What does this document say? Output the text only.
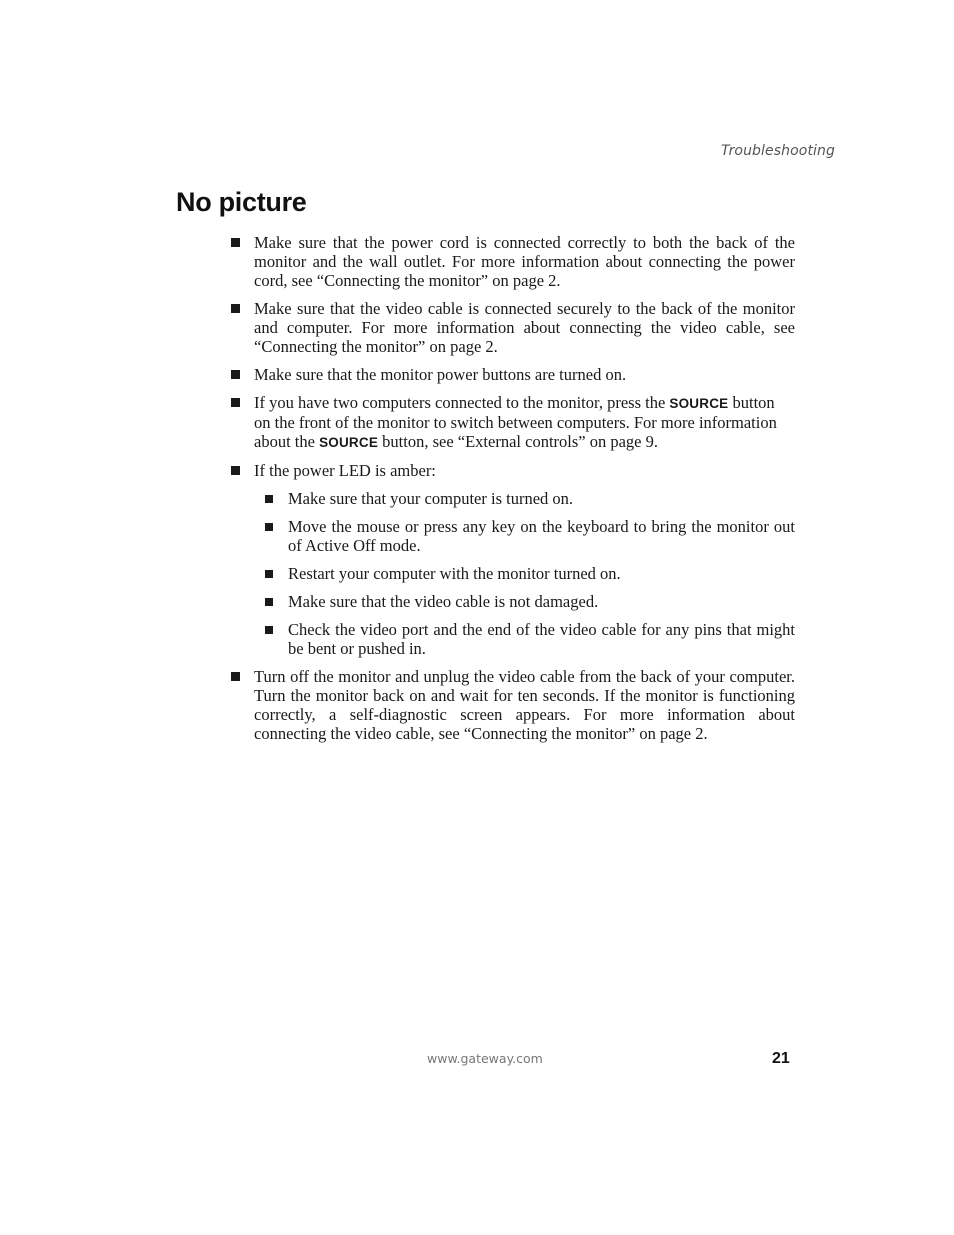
Troubleshooting
No picture
Make sure that the power cord is connected correctly to both the back of the monitor and the wall outlet. For more information about connecting the power cord, see “Connecting the monitor” on page 2.
Make sure that the video cable is connected securely to the back of the monitor and computer. For more information about connecting the video cable, see “Connecting the monitor” on page 2.
Make sure that the monitor power buttons are turned on.
If you have two computers connected to the monitor, press the SOURCE button on the front of the monitor to switch between computers. For more information about the SOURCE button, see “External controls” on page 9.
If the power LED is amber:
Make sure that your computer is turned on.
Move the mouse or press any key on the keyboard to bring the monitor out of Active Off mode.
Restart your computer with the monitor turned on.
Make sure that the video cable is not damaged.
Check the video port and the end of the video cable for any pins that might be bent or pushed in.
Turn off the monitor and unplug the video cable from the back of your computer. Turn the monitor back on and wait for ten seconds. If the monitor is functioning correctly, a self-diagnostic screen appears. For more information about connecting the video cable, see “Connecting the monitor” on page 2.
www.gateway.com	21
